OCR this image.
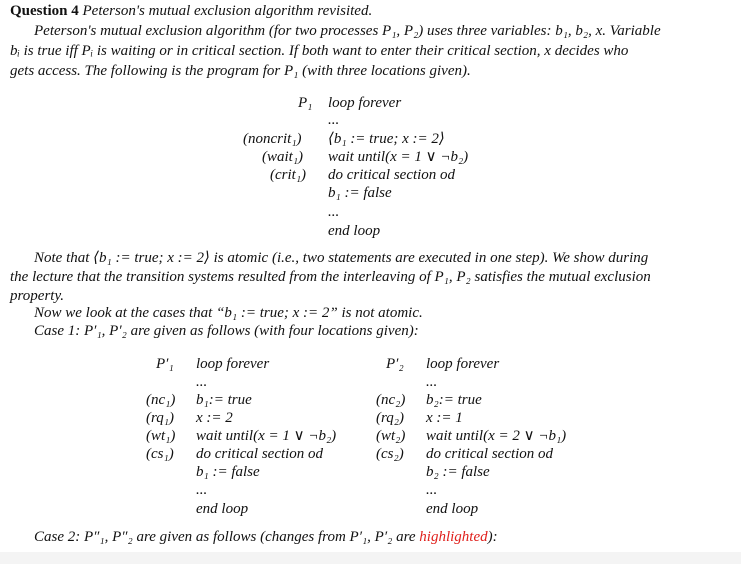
Question 4 Peterson's mutual exclusion algorithm revisited.
Peterson's mutual exclusion algorithm (for two processes P₁, P₂) uses three variables: b₁, b₂, x. Variable
bᵢ is true iff Pᵢ is waiting or in critical section. If both want to enter their critical section, x decides who
gets access. The following is the program for P₁ (with three locations given).
P₁ loop forever
...
(noncrit₁) ⟨b₁ := true; x := 2⟩
(wait₁) wait until(x = 1 ∨ ¬b₂)
(crit₁) do critical section od
b₁ := false
...
end loop
Note that ⟨b₁ := true; x := 2⟩ is atomic (i.e., two statements are executed in one step). We show during
the lecture that the transition systems resulted from the interleaving of P₁, P₂ satisfies the mutual exclusion
property.
Now we look at the cases that “b₁ := true; x := 2” is not atomic.
Case 1: P′₁, P′₂ are given as follows (with four locations given):
P′₁ loop forever
...
(nc₁) b₁:= true
(rq₁) x := 2
(wt₁) wait until(x = 1 ∨ ¬b₂)
(cs₁) do critical section od
b₁ := false
...
end loop
P′₂ loop forever
...
(nc₂) b₂:= true
(rq₂) x := 1
(wt₂) wait until(x = 2 ∨ ¬b₁)
(cs₂) do critical section od
b₂ := false
...
end loop
Case 2: P″₁, P″₂ are given as follows (changes from P′₁, P′₂ are highlighted):
